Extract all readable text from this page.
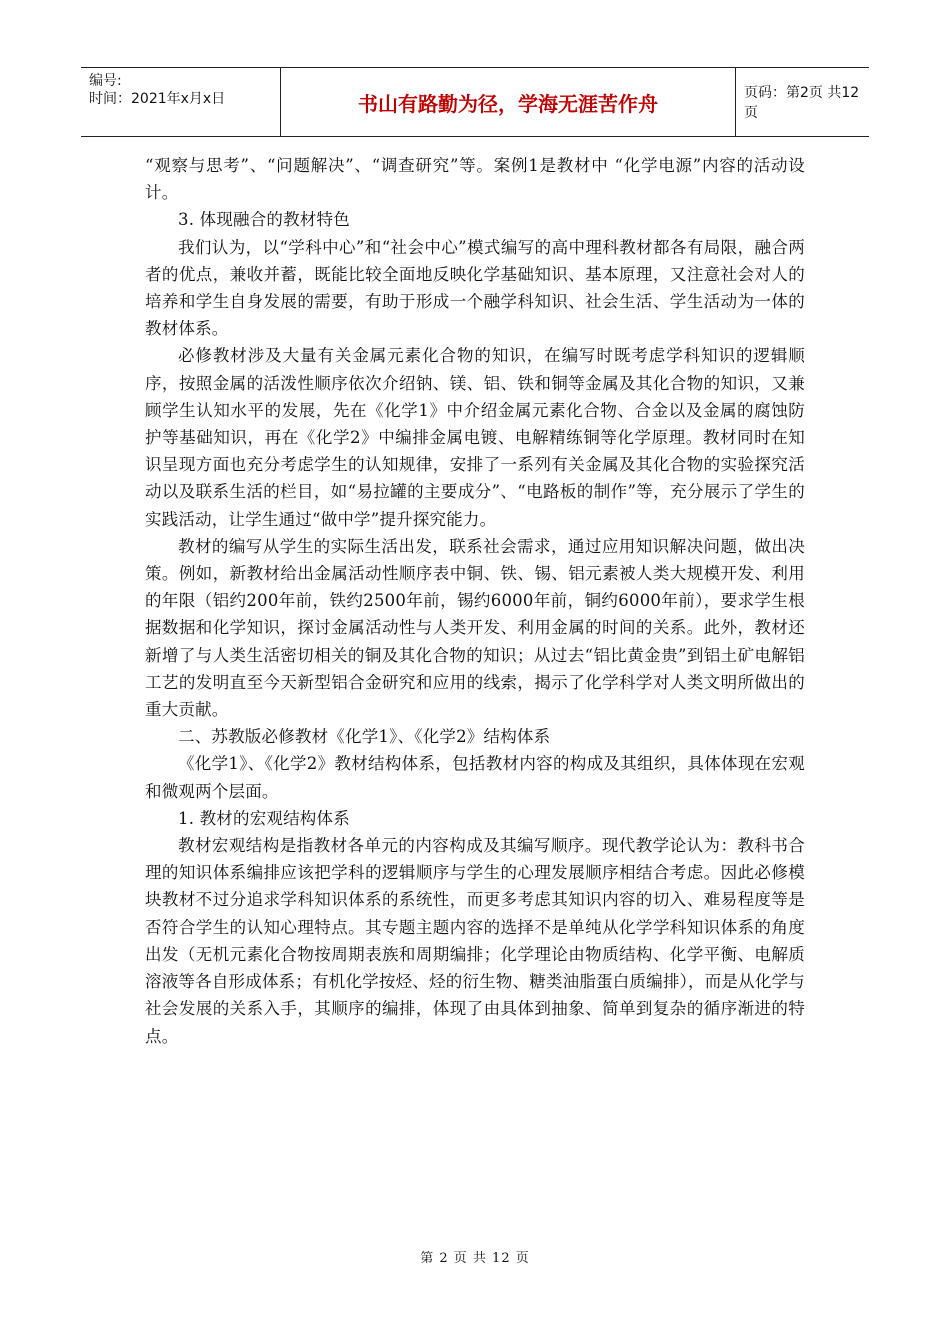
编号:
时间：2021年x月x日	书山有路勤为径，学海无涯苦作舟	页码：第2页 共12页

“观察与思考”、“问题解决”、“调查研究”等。案例1是教材中 “化学电源”内容的活动设计。

3. 体现融合的教材特色

我们认为，以“学科中心”和“社会中心”模式编写的高中理科教材都各有局限，融合两者的优点，兼收并蓄，既能比较全面地反映化学基础知识、基本原理，又注意社会对人的培养和学生自身发展的需要，有助于形成一个融学科知识、社会生活、学生活动为一体的教材体系。

必修教材涉及大量有关金属元素化合物的知识，在编写时既考虑学科知识的逻辑顺序，按照金属的活泼性顺序依次介绍钠、镁、铝、铁和铜等金属及其化合物的知识，又兼顾学生认知水平的发展，先在《化学1》中介绍金属元素化合物、合金以及金属的腐蚀防护等基础知识，再在《化学2》中编排金属电镀、电解精练铜等化学原理。教材同时在知识呈现方面也充分考虑学生的认知规律，安排了一系列有关金属及其化合物的实验探究活动以及联系生活的栏目，如“易拉罐的主要成分”、“电路板的制作”等，充分展示了学生的实践活动，让学生通过“做中学”提升探究能力。

教材的编写从学生的实际生活出发，联系社会需求，通过应用知识解决问题，做出决策。例如，新教材给出金属活动性顺序表中铜、铁、锡、铝元素被人类大规模开发、利用的年限（铝约200年前，铁约2500年前，锡约6000年前，铜约6000年前），要求学生根据数据和化学知识，探讨金属活动性与人类开发、利用金属的时间的关系。此外，教材还新增了与人类生活密切相关的铜及其化合物的知识；从过去“铝比黄金贵”到铝土矿电解铝工艺的发明直至今天新型铝合金研究和应用的线索，揭示了化学科学对人类文明所做出的重大贡献。

二、苏教版必修教材《化学1》、《化学2》结构体系

《化学1》、《化学2》教材结构体系，包括教材内容的构成及其组织，具体体现在宏观和微观两个层面。

1. 教材的宏观结构体系

教材宏观结构是指教材各单元的内容构成及其编写顺序。现代教学论认为：教科书合理的知识体系编排应该把学科的逻辑顺序与学生的心理发展顺序相结合考虑。因此必修模块教材不过分追求学科知识体系的系统性，而更多考虑其知识内容的切入、难易程度等是否符合学生的认知心理特点。其专题主题内容的选择不是单纯从化学学科知识体系的角度出发（无机元素化合物按周期表族和周期编排；化学理论由物质结构、化学平衡、电解质溶液等各自形成体系；有机化学按烃、烃的衍生物、糖类油脂蛋白质编排），而是从化学与社会发展的关系入手，其顺序的编排，体现了由具体到抽象、简单到复杂的循序渐进的特点。

第 2 页 共 12 页
